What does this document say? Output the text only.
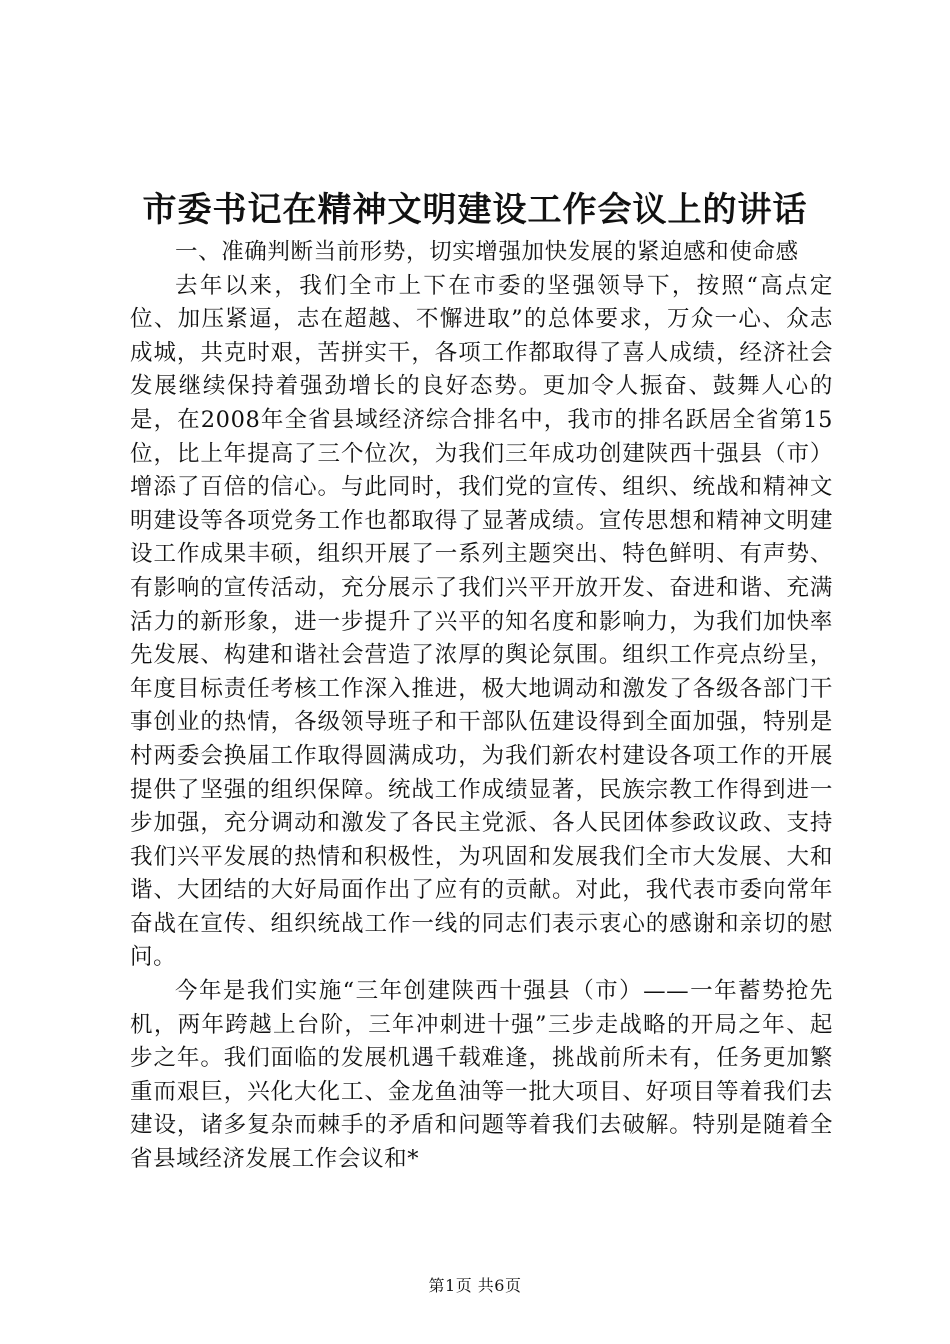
市委书记在精神文明建设工作会议上的讲话

一、准确判断当前形势，切实增强加快发展的紧迫感和使命感

去年以来，我们全市上下在市委的坚强领导下，按照“高点定位、加压紧逼，志在超越、不懈进取”的总体要求，万众一心、众志成城，共克时艰，苦拼实干，各项工作都取得了喜人成绩，经济社会发展继续保持着强劲增长的良好态势。更加令人振奋、鼓舞人心的是，在2008年全省县域经济综合排名中，我市的排名跃居全省第15位，比上年提高了三个位次，为我们三年成功创建陕西十强县（市）增添了百倍的信心。与此同时，我们党的宣传、组织、统战和精神文明建设等各项党务工作也都取得了显著成绩。宣传思想和精神文明建设工作成果丰硕，组织开展了一系列主题突出、特色鲜明、有声势、有影响的宣传活动，充分展示了我们兴平开放开发、奋进和谐、充满活力的新形象，进一步提升了兴平的知名度和影响力，为我们加快率先发展、构建和谐社会营造了浓厚的舆论氛围。组织工作亮点纷呈，年度目标责任考核工作深入推进，极大地调动和激发了各级各部门干事创业的热情，各级领导班子和干部队伍建设得到全面加强，特别是村两委会换届工作取得圆满成功，为我们新农村建设各项工作的开展提供了坚强的组织保障。统战工作成绩显著，民族宗教工作得到进一步加强，充分调动和激发了各民主党派、各人民团体参政议政、支持我们兴平发展的热情和积极性，为巩固和发展我们全市大发展、大和谐、大团结的大好局面作出了应有的贡献。对此，我代表市委向常年奋战在宣传、组织统战工作一线的同志们表示衷心的感谢和亲切的慰问。

今年是我们实施“三年创建陕西十强县（市）——一年蓄势抢先机，两年跨越上台阶，三年冲刺进十强”三步走战略的开局之年、起步之年。我们面临的发展机遇千载难逢，挑战前所未有，任务更加繁重而艰巨，兴化大化工、金龙鱼油等一批大项目、好项目等着我们去建设，诸多复杂而棘手的矛盾和问题等着我们去破解。特别是随着全省县域经济发展工作会议和*

第1页 共6页
